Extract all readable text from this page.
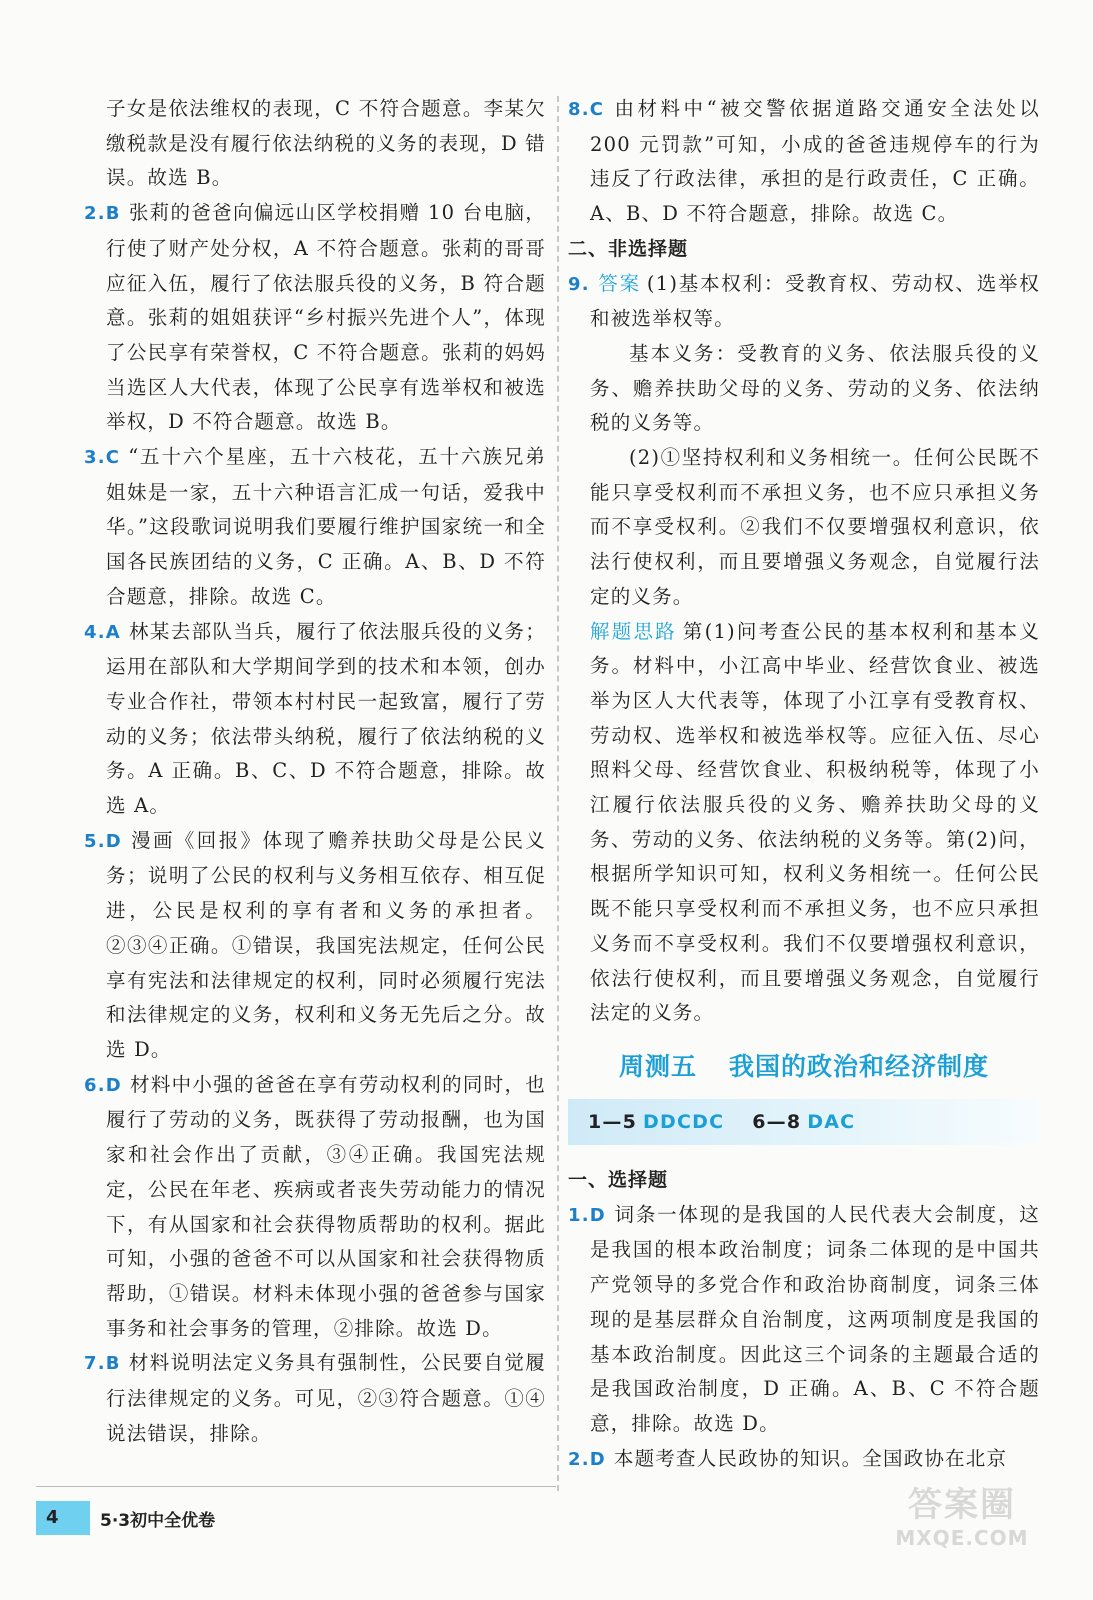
子女是依法维权的表现，C 不符合题意。李某欠缴税款是没有履行依法纳税的义务的表现，D 错误。故选 B。
2.B 张莉的爸爸向偏远山区学校捐赠 10 台电脑，行使了财产处分权，A 不符合题意。张莉的哥哥应征入伍，履行了依法服兵役的义务，B 符合题意。张莉的姐姐获评“乡村振兴先进个人”，体现了公民享有荣誉权，C 不符合题意。张莉的妈妈当选区人大代表，体现了公民享有选举权和被选举权，D 不符合题意。故选 B。
3.C “五十六个星座，五十六枝花，五十六族兄弟姐妹是一家，五十六种语言汇成一句话，爱我中华。”这段歌词说明我们要履行维护国家统一和全国各民族团结的义务，C 正确。A、B、D 不符合题意，排除。故选 C。
4.A 林某去部队当兵，履行了依法服兵役的义务；运用在部队和大学期间学到的技术和本领，创办专业合作社，带领本村村民一起致富，履行了劳动的义务；依法带头纳税，履行了依法纳税的义务。A 正确。B、C、D 不符合题意，排除。故选 A。
5.D 漫画《回报》体现了赡养扶助父母是公民义务；说明了公民的权利与义务相互依存、相互促进，公民是权利的享有者和义务的承担者。②③④正确。①错误，我国宪法规定，任何公民享有宪法和法律规定的权利，同时必须履行宪法和法律规定的义务，权利和义务无先后之分。故选 D。
6.D 材料中小强的爸爸在享有劳动权利的同时，也履行了劳动的义务，既获得了劳动报酬，也为国家和社会作出了贡献，③④正确。我国宪法规定，公民在年老、疾病或者丧失劳动能力的情况下，有从国家和社会获得物质帮助的权利。据此可知，小强的爸爸不可以从国家和社会获得物质帮助，①错误。材料未体现小强的爸爸参与国家事务和社会事务的管理，②排除。故选 D。
7.B 材料说明法定义务具有强制性，公民要自觉履行法律规定的义务。可见，②③符合题意。①④说法错误，排除。
8.C 由材料中“被交警依据道路交通安全法处以 200 元罚款”可知，小成的爸爸违规停车的行为违反了行政法律，承担的是行政责任，C 正确。A、B、D 不符合题意，排除。故选 C。
二、非选择题
9. 答案 (1)基本权利：受教育权、劳动权、选举权和被选举权等。
基本义务：受教育的义务、依法服兵役的义务、赡养扶助父母的义务、劳动的义务、依法纳税的义务等。
(2)①坚持权利和义务相统一。任何公民既不能只享受权利而不承担义务，也不应只承担义务而不享受权利。②我们不仅要增强权利意识，依法行使权利，而且要增强义务观念，自觉履行法定的义务。
解题思路 第(1)问考查公民的基本权利和基本义务。材料中，小江高中毕业、经营饮食业、被选举为区人大代表等，体现了小江享有受教育权、劳动权、选举权和被选举权等。应征入伍、尽心照料父母、经营饮食业、积极纳税等，体现了小江履行依法服兵役的义务、赡养扶助父母的义务、劳动的义务、依法纳税的义务等。第(2)问，根据所学知识可知，权利义务相统一。任何公民既不能只享受权利而不承担义务，也不应只承担义务而不享受权利。我们不仅要增强权利意识，依法行使权利，而且要增强义务观念，自觉履行法定的义务。
周测五 我国的政治和经济制度
1—5 DDCDC 6—8 DAC
一、选择题
1.D 词条一体现的是我国的人民代表大会制度，这是我国的根本政治制度；词条二体现的是中国共产党领导的多党合作和政治协商制度，词条三体现的是基层群众自治制度，这两项制度是我国的基本政治制度。因此这三个词条的主题最合适的是我国政治制度，D 正确。A、B、C 不符合题意，排除。故选 D。
2.D 本题考查人民政协的知识。全国政协在北京
4	5·3初中全优卷	答案圈
MXQE.COM
